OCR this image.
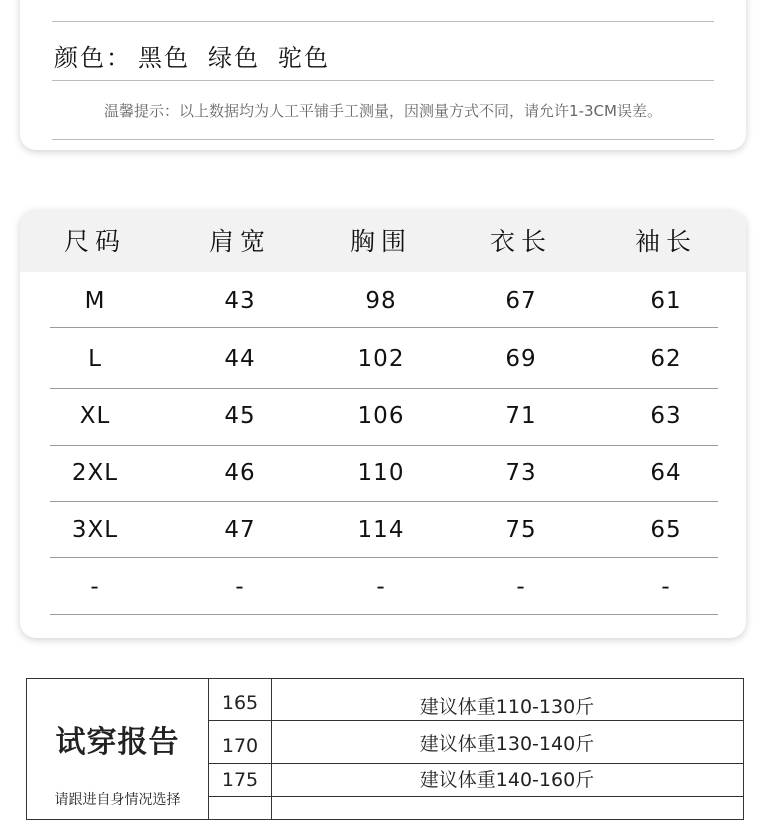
颜色： 黑色 绿色 驼色
温馨提示：以上数据均为人工平铺手工测量，因测量方式不同，请允许1-3CM误差。
尺码	肩宽	胸围	衣长	袖长
M	43	98	67	61
L	44	102	69	62
XL	45	106	71	63
2XL	46	110	73	64
3XL	47	114	75	65
-	-	-	-	-
试穿报告
请跟进自身情况选择
165	建议体重110-130斤
170	建议体重130-140斤
175	建议体重140-160斤
